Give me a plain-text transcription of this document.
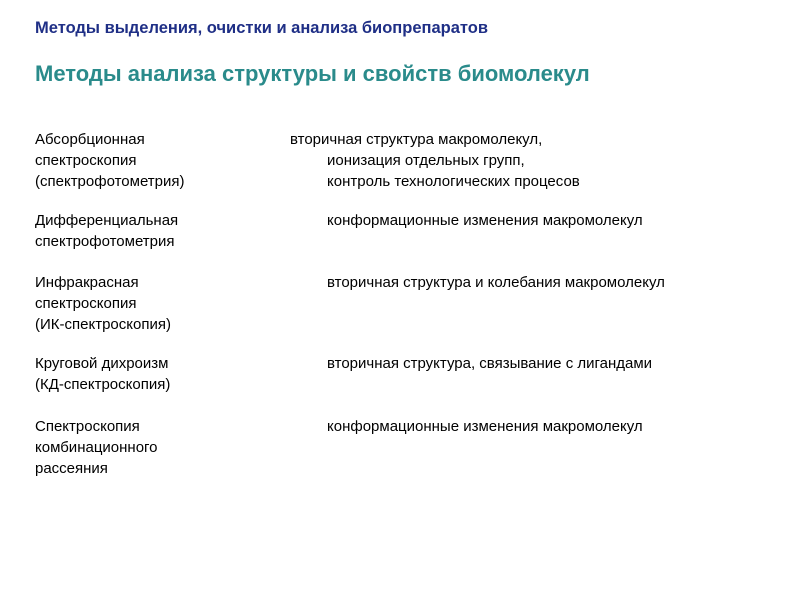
Методы выделения, очистки и анализа биопрепаратов
Методы анализа структуры и свойств биомолекул
Абсорбционная
спектроскопия
(спектрофотометрия)
вторичная структура макромолекул,
ионизация отдельных групп,
контроль технологических процесов
Дифференциальная
спектрофотометрия
конформационные изменения макромолекул
Инфракрасная
спектроскопия
(ИК-спектроскопия)
вторичная структура и колебания макромолекул
Круговой дихроизм
(КД-спектроскопия)
вторичная структура, связывание с лигандами
Спектроскопия
комбинационного
рассеяния
конформационные изменения макромолекул
